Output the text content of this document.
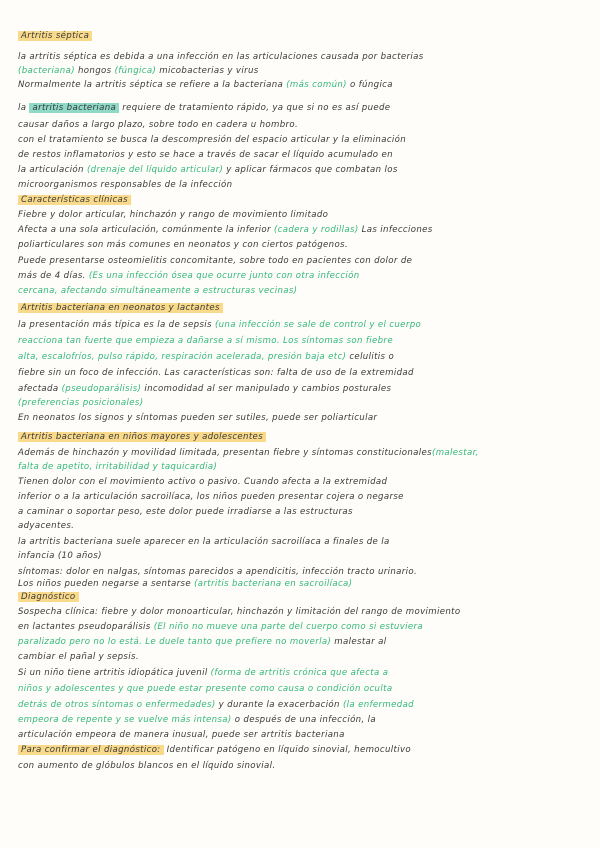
Artritis séptica
la artritis séptica es debida a una infección en las articulaciones causada por bacterias
(bacteriana) hongos (fúngica) micobacterias y virus
Normalmente la artritis séptica se refiere a la bacteriana (más común) o fúngica
la artritis bacteriana requiere de tratamiento rápido, ya que si no es así puede
causar daños a largo plazo, sobre todo en cadera u hombro.
con el tratamiento se busca la descompresión del espacio articular y la eliminación
de restos inflamatorios y esto se hace a través de sacar el líquido acumulado en
la articulación (drenaje del líquido articular) y aplicar fármacos que combatan los
microorganismos responsables de la infección
Características clínicas
Fiebre y dolor articular, hinchazón y rango de movimiento limitado
Afecta a una sola articulación, comúnmente la inferior (cadera y rodillas) Las infecciones
poliarticulares son más comunes en neonatos y con ciertos patógenos.
Puede presentarse osteomielitis concomitante, sobre todo en pacientes con dolor de
más de 4 días. (Es una infección ósea que ocurre junto con otra infección
cercana, afectando simultáneamente a estructuras vecinas)
Artritis bacteriana en neonatos y lactantes
la presentación más típica es la de sepsis (una infección se sale de control y el cuerpo
reacciona tan fuerte que empieza a dañarse a sí mismo. Los síntomas son fiebre
alta, escalofríos, pulso rápido, respiración acelerada, presión baja etc) celulitis o
fiebre sin un foco de infección. Las características son: falta de uso de la extremidad
afectada (pseudoparálisis) incomodidad al ser manipulado y cambios posturales
(preferencias posicionales)
En neonatos los signos y síntomas pueden ser sutiles, puede ser poliarticular
Artritis bacteriana en niños mayores y adolescentes
Además de hinchazón y movilidad limitada, presentan fiebre y síntomas constitucionales(malestar,
falta de apetito, irritabilidad y taquicardia)
Tienen dolor con el movimiento activo o pasivo. Cuando afecta a la extremidad
inferior o a la articulación sacroilíaca, los niños pueden presentar cojera o negarse
a caminar o soportar peso, este dolor puede irradiarse a las estructuras
adyacentes.
la artritis bacteriana suele aparecer en la articulación sacroilíaca a finales de la
infancia (10 años)
síntomas: dolor en nalgas, síntomas parecidos a apendicitis, infección tracto urinario.
Los niños pueden negarse a sentarse (artritis bacteriana en sacroilíaca)
Diagnóstico
Sospecha clínica: fiebre y dolor monoarticular, hinchazón y limitación del rango de movimiento
en lactantes pseudoparálisis (El niño no mueve una parte del cuerpo como si estuviera
paralizado pero no lo está. Le duele tanto que prefiere no moverla) malestar al
cambiar el pañal y sepsis.
Si un niño tiene artritis idiopática juvenil (forma de artritis crónica que afecta a
niños y adolescentes y que puede estar presente como causa o condición oculta
detrás de otros síntomas o enfermedades) y durante la exacerbación (la enfermedad
empeora de repente y se vuelve más intensa) o después de una infección, la
articulación empeora de manera inusual, puede ser artritis bacteriana
Para confirmar el diagnóstico: Identificar patógeno en líquido sinovial, hemocultivo
con aumento de glóbulos blancos en el líquido sinovial.
